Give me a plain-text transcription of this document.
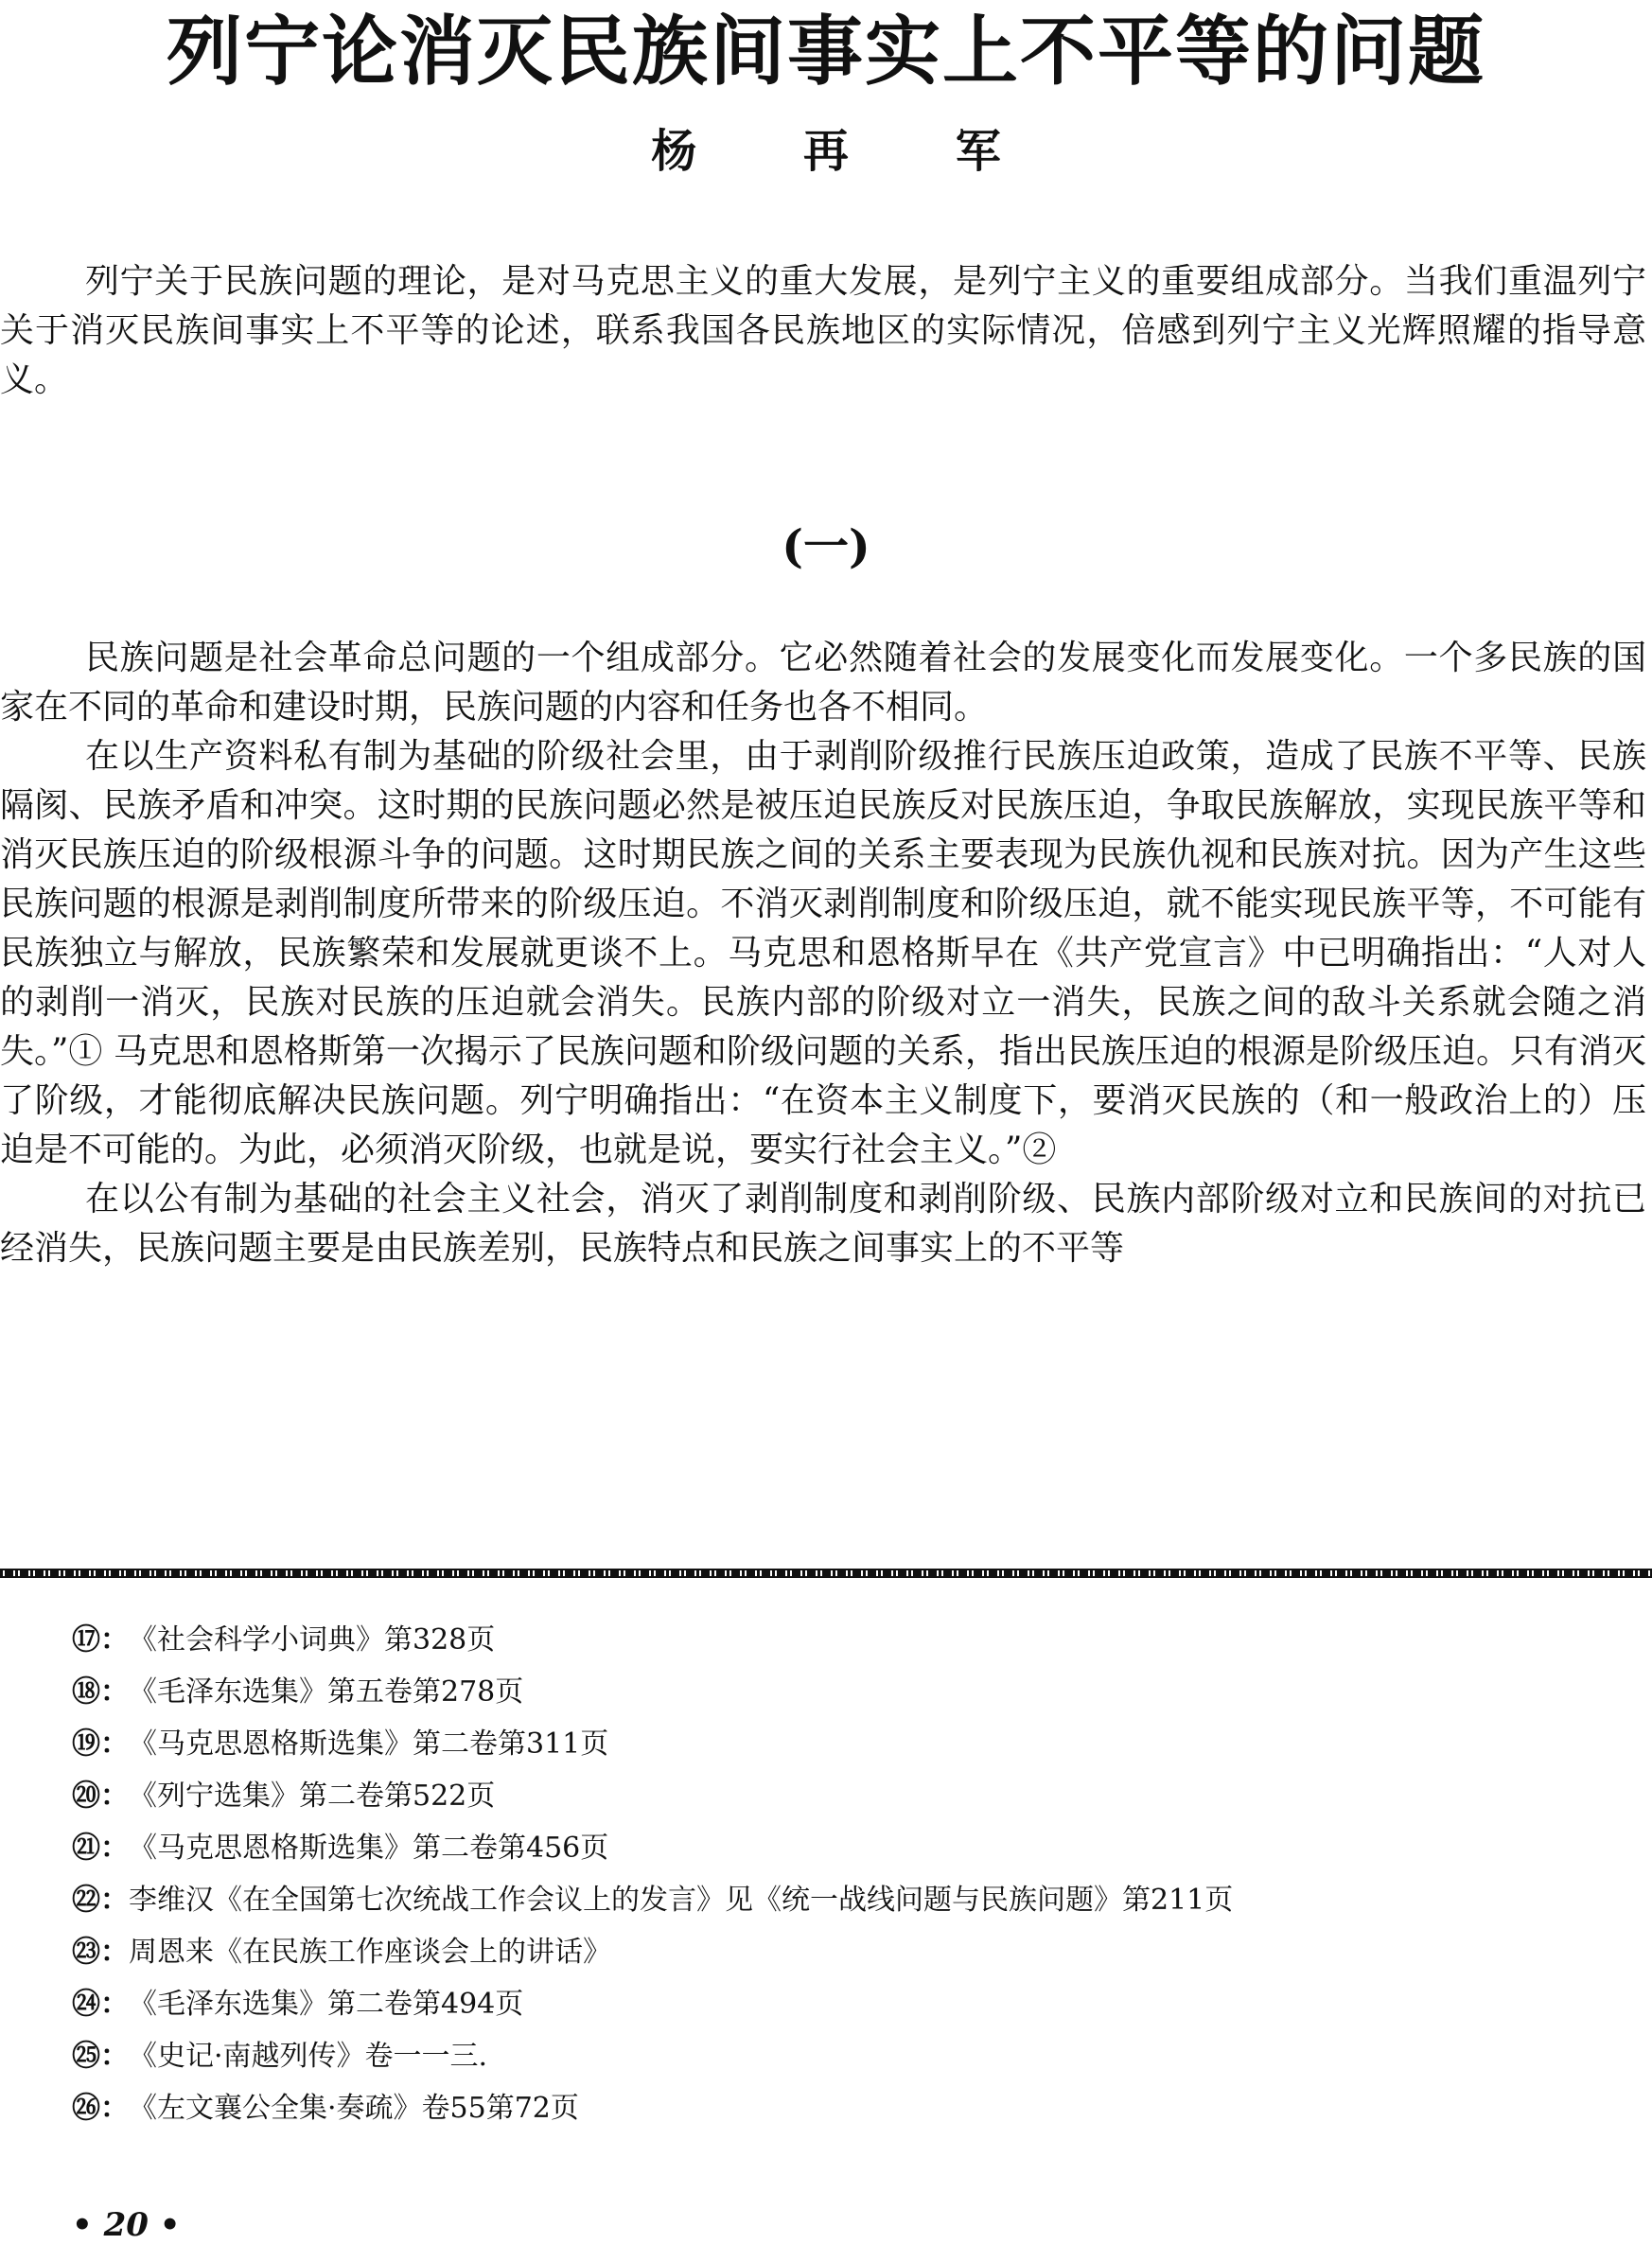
列宁论消灭民族间事实上不平等的问题
杨 再 军

列宁关于民族问题的理论，是对马克思主义的重大发展，是列宁主义的重要组成部分。当我们重温列宁关于消灭民族间事实上不平等的论述，联系我国各民族地区的实际情况，倍感到列宁主义光辉照耀的指导意义。

(一)

民族问题是社会革命总问题的一个组成部分。它必然随着社会的发展变化而发展变化。一个多民族的国家在不同的革命和建设时期，民族问题的内容和任务也各不相同。

在以生产资料私有制为基础的阶级社会里，由于剥削阶级推行民族压迫政策，造成了民族不平等、民族隔阂、民族矛盾和冲突。这时期的民族问题必然是被压迫民族反对民族压迫，争取民族解放，实现民族平等和消灭民族压迫的阶级根源斗争的问题。这时期民族之间的关系主要表现为民族仇视和民族对抗。因为产生这些民族问题的根源是剥削制度所带来的阶级压迫。不消灭剥削制度和阶级压迫，就不能实现民族平等，不可能有民族独立与解放，民族繁荣和发展就更谈不上。马克思和恩格斯早在《共产党宣言》中已明确指出：“人对人的剥削一消灭，民族对民族的压迫就会消失。民族内部的阶级对立一消失，民族之间的敌斗关系就会随之消失。”① 马克思和恩格斯第一次揭示了民族问题和阶级问题的关系，指出民族压迫的根源是阶级压迫。只有消灭了阶级，才能彻底解决民族问题。列宁明确指出：“在资本主义制度下，要消灭民族的（和一般政治上的）压迫是不可能的。为此，必须消灭阶级，也就是说，要实行社会主义。”②

在以公有制为基础的社会主义社会，消灭了剥削制度和剥削阶级、民族内部阶级对立和民族间的对抗已经消失，民族问题主要是由民族差别，民族特点和民族之间事实上的不平等

⑰：《社会科学小词典》第328页
⑱：《毛泽东选集》第五卷第278页
⑲：《马克思恩格斯选集》第二卷第311页
⑳：《列宁选集》第二卷第522页
㉑：《马克思恩格斯选集》第二卷第456页
㉒：李维汉《在全国第七次统战工作会议上的发言》见《统一战线问题与民族问题》第211页
㉓：周恩来《在民族工作座谈会上的讲话》
㉔：《毛泽东选集》第二卷第494页
㉕：《史记·南越列传》卷一一三.
㉖：《左文襄公全集·奏疏》卷55第72页
• 20 •
